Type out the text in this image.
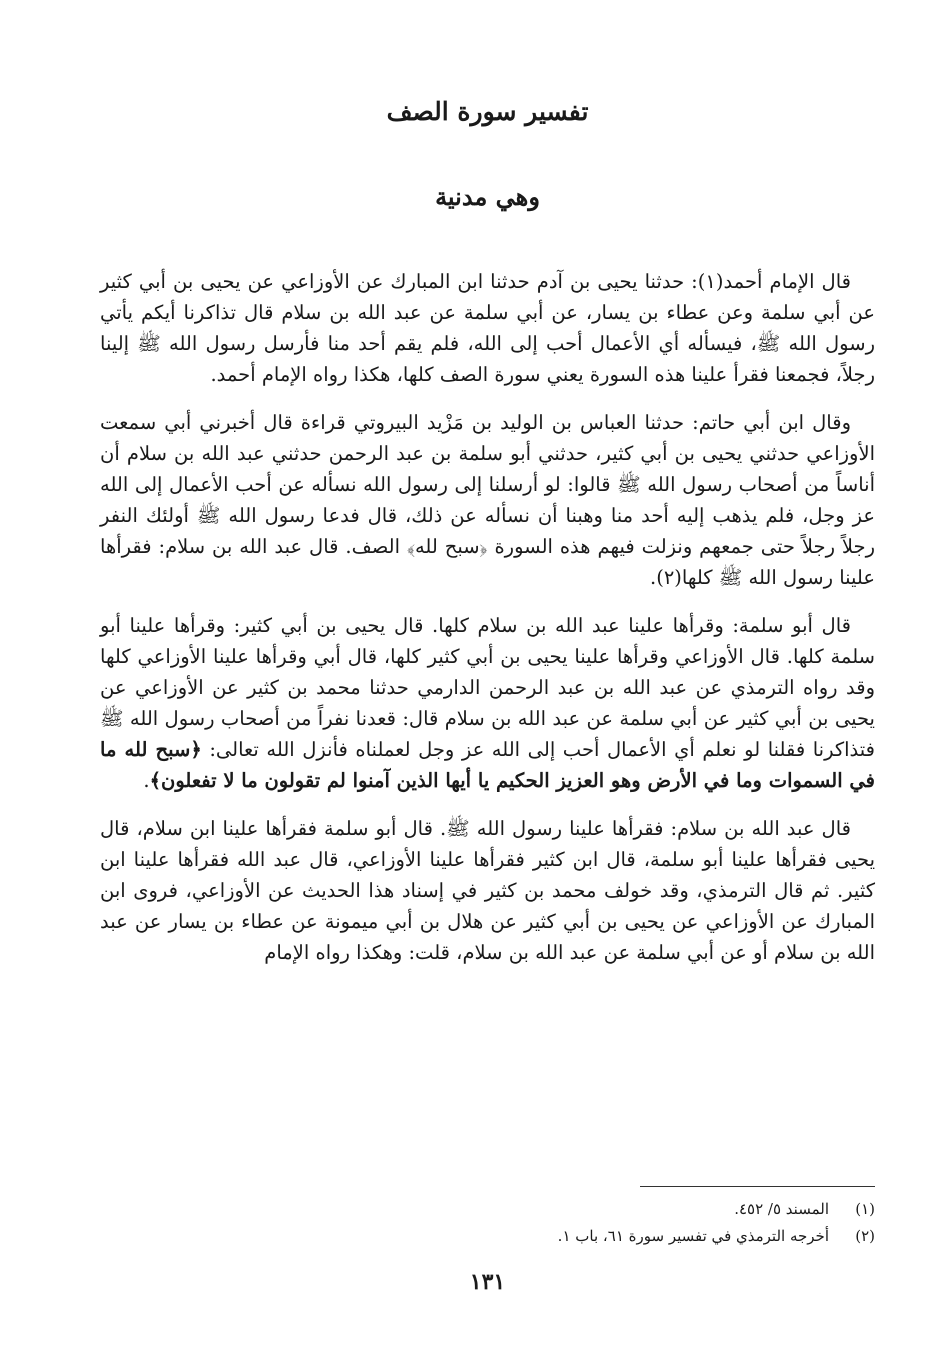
تفسير سورة الصف
وهي مدنية

قال الإمام أحمد(١): حدثنا يحيى بن آدم حدثنا ابن المبارك عن الأوزاعي عن يحيى بن أبي كثير عن أبي سلمة وعن عطاء بن يسار، عن أبي سلمة عن عبد الله بن سلام قال تذاكرنا أيكم يأتي رسول الله ﷺ، فيسأله أي الأعمال أحب إلى الله، فلم يقم أحد منا فأرسل رسول الله ﷺ إلينا رجلاً، فجمعنا فقرأ علينا هذه السورة يعني سورة الصف كلها، هكذا رواه الإمام أحمد.

وقال ابن أبي حاتم: حدثنا العباس بن الوليد بن مَزْيد البيروتي قراءة قال أخبرني أبي سمعت الأوزاعي حدثني يحيى بن أبي كثير، حدثني أبو سلمة بن عبد الرحمن حدثني عبد الله بن سلام أن أناساً من أصحاب رسول الله ﷺ قالوا: لو أرسلنا إلى رسول الله نسأله عن أحب الأعمال إلى الله عز وجل، فلم يذهب إليه أحد منا وهبنا أن نسأله عن ذلك، قال فدعا رسول الله ﷺ أولئك النفر رجلاً رجلاً حتى جمعهم ونزلت فيهم هذه السورة ﴿سبح لله﴾ الصف. قال عبد الله بن سلام: فقرأها علينا رسول الله ﷺ كلها(٢).

قال أبو سلمة: وقرأها علينا عبد الله بن سلام كلها. قال يحيى بن أبي كثير: وقرأها علينا أبو سلمة كلها. قال الأوزاعي وقرأها علينا يحيى بن أبي كثير كلها، قال أبي وقرأها علينا الأوزاعي كلها وقد رواه الترمذي عن عبد الله بن عبد الرحمن الدارمي حدثنا محمد بن كثير عن الأوزاعي عن يحيى بن أبي كثير عن أبي سلمة عن عبد الله بن سلام قال: قعدنا نفراً من أصحاب رسول الله ﷺ فتذاكرنا فقلنا لو نعلم أي الأعمال أحب إلى الله عز وجل لعملناه فأنزل الله تعالى: ﴿سبح لله ما في السموات وما في الأرض وهو العزيز الحكيم يا أيها الذين آمنوا لم تقولون ما لا تفعلون﴾.

قال عبد الله بن سلام: فقرأها علينا رسول الله ﷺ. قال أبو سلمة فقرأها علينا ابن سلام، قال يحيى فقرأها علينا أبو سلمة، قال ابن كثير فقرأها علينا الأوزاعي، قال عبد الله فقرأها علينا ابن كثير. ثم قال الترمذي، وقد خولف محمد بن كثير في إسناد هذا الحديث عن الأوزاعي، فروى ابن المبارك عن الأوزاعي عن يحيى بن أبي كثير عن هلال بن أبي ميمونة عن عطاء بن يسار عن عبد الله بن سلام أو عن أبي سلمة عن عبد الله بن سلام، قلت: وهكذا رواه الإمام

(١)
المسند ٥/ ٤٥٢.

(٢)
أخرجه الترمذي في تفسير سورة ٦١، باب ١.

١٣١
